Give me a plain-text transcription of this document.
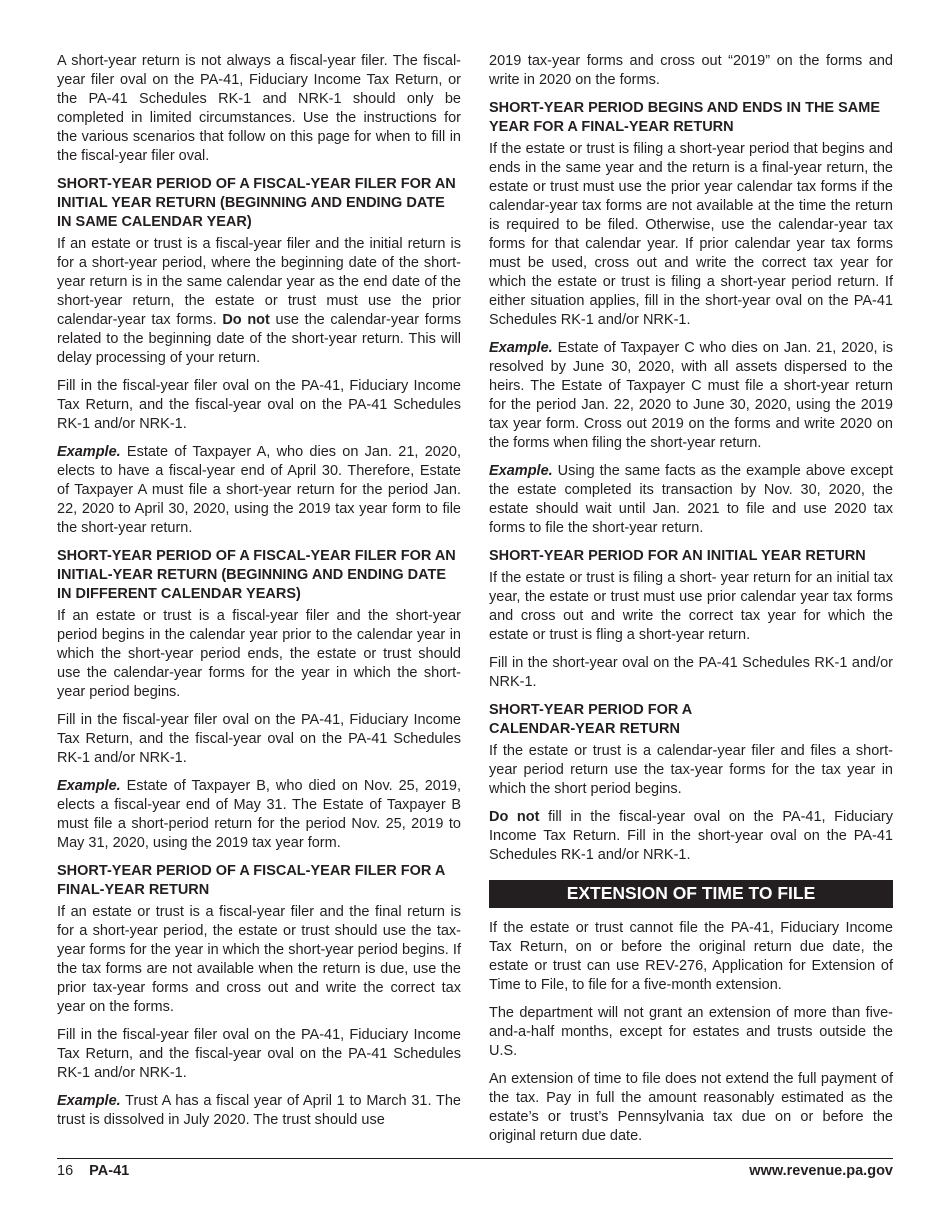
A short-year return is not always a fiscal-year filer. The fiscal-year filer oval on the PA-41, Fiduciary Income Tax Return, or the PA-41 Schedules RK-1 and NRK-1 should only be completed in limited circumstances. Use the instructions for the various scenarios that follow on this page for when to fill in the fiscal-year filer oval.

SHORT-YEAR PERIOD OF A FISCAL-YEAR FILER FOR AN INITIAL YEAR RETURN (BEGINNING AND ENDING DATE IN SAME CALENDAR YEAR)

If an estate or trust is a fiscal-year filer and the initial return is for a short-year period, where the beginning date of the short-year return is in the same calendar year as the end date of the short-year return, the estate or trust must use the prior calendar-year tax forms. Do not use the calendar-year forms related to the beginning date of the short-year return. This will delay processing of your return.

Fill in the fiscal-year filer oval on the PA-41, Fiduciary Income Tax Return, and the fiscal-year oval on the PA-41 Schedules RK-1 and/or NRK-1.

Example. Estate of Taxpayer A, who dies on Jan. 21, 2020, elects to have a fiscal-year end of April 30. Therefore, Estate of Taxpayer A must file a short-year return for the period Jan. 22, 2020 to April 30, 2020, using the 2019 tax year form to file the short-year return.

SHORT-YEAR PERIOD OF A FISCAL-YEAR FILER FOR AN INITIAL-YEAR RETURN (BEGINNING AND ENDING DATE IN DIFFERENT CALENDAR YEARS)

If an estate or trust is a fiscal-year filer and the short-year period begins in the calendar year prior to the calendar year in which the short-year period ends, the estate or trust should use the calendar-year forms for the year in which the short-year period begins.

Fill in the fiscal-year filer oval on the PA-41, Fiduciary Income Tax Return, and the fiscal-year oval on the PA-41 Schedules RK-1 and/or NRK-1.

Example. Estate of Taxpayer B, who died on Nov. 25, 2019, elects a fiscal-year end of May 31. The Estate of Taxpayer B must file a short-period return for the period Nov. 25, 2019 to May 31, 2020, using the 2019 tax year form.

SHORT-YEAR PERIOD OF A FISCAL-YEAR FILER FOR A FINAL-YEAR RETURN

If an estate or trust is a fiscal-year filer and the final return is for a short-year period, the estate or trust should use the tax-year forms for the year in which the short-year period begins. If the tax forms are not available when the return is due, use the prior tax-year forms and cross out and write the correct tax year on the forms.

Fill in the fiscal-year filer oval on the PA-41, Fiduciary Income Tax Return, and the fiscal-year oval on the PA-41 Schedules RK-1 and/or NRK-1.

Example. Trust A has a fiscal year of April 1 to March 31. The trust is dissolved in July 2020. The trust should use

2019 tax-year forms and cross out “2019” on the forms and write in 2020 on the forms.

SHORT-YEAR PERIOD BEGINS AND ENDS IN THE SAME YEAR FOR A FINAL-YEAR RETURN

If the estate or trust is filing a short-year period that begins and ends in the same year and the return is a final-year return, the estate or trust must use the prior year calendar tax forms if the calendar-year tax forms are not available at the time the return is required to be filed. Otherwise, use the calendar-year tax forms for that calendar year. If prior calendar year tax forms must be used, cross out and write the correct tax year for which the estate or trust is filing a short-year period return. If either situation applies, fill in the short-year oval on the PA-41 Schedules RK-1 and/or NRK-1.

Example. Estate of Taxpayer C who dies on Jan. 21, 2020, is resolved by June 30, 2020, with all assets dispersed to the heirs. The Estate of Taxpayer C must file a short-year return for the period Jan. 22, 2020 to June 30, 2020, using the 2019 tax year form. Cross out 2019 on the forms and write 2020 on the forms when filing the short-year return.

Example. Using the same facts as the example above except the estate completed its transaction by Nov. 30, 2020, the estate should wait until Jan. 2021 to file and use 2020 tax forms to file the short-year return.

SHORT-YEAR PERIOD FOR AN INITIAL YEAR RETURN

If the estate or trust is filing a short- year return for an initial tax year, the estate or trust must use prior calendar year tax forms and cross out and write the correct tax year for which the estate or trust is fling a short-year return.

Fill in the short-year oval on the PA-41 Schedules RK-1 and/or NRK-1.

SHORT-YEAR PERIOD FOR A
CALENDAR-YEAR RETURN

If the estate or trust is a calendar-year filer and files a short-year period return use the tax-year forms for the tax year in which the short period begins.

Do not fill in the fiscal-year oval on the PA-41, Fiduciary Income Tax Return. Fill in the short-year oval on the PA-41 Schedules RK-1 and/or NRK-1.

EXTENSION OF TIME TO FILE

If the estate or trust cannot file the PA-41, Fiduciary Income Tax Return, on or before the original return due date, the estate or trust can use REV-276, Application for Extension of Time to File, to file for a five-month extension.

The department will not grant an extension of more than five-and-a-half months, except for estates and trusts outside the U.S.

An extension of time to file does not extend the full payment of the tax. Pay in full the amount reasonably estimated as the estate’s or trust’s Pennsylvania tax due on or before the original return due date.

16 PA-41	www.revenue.pa.gov
